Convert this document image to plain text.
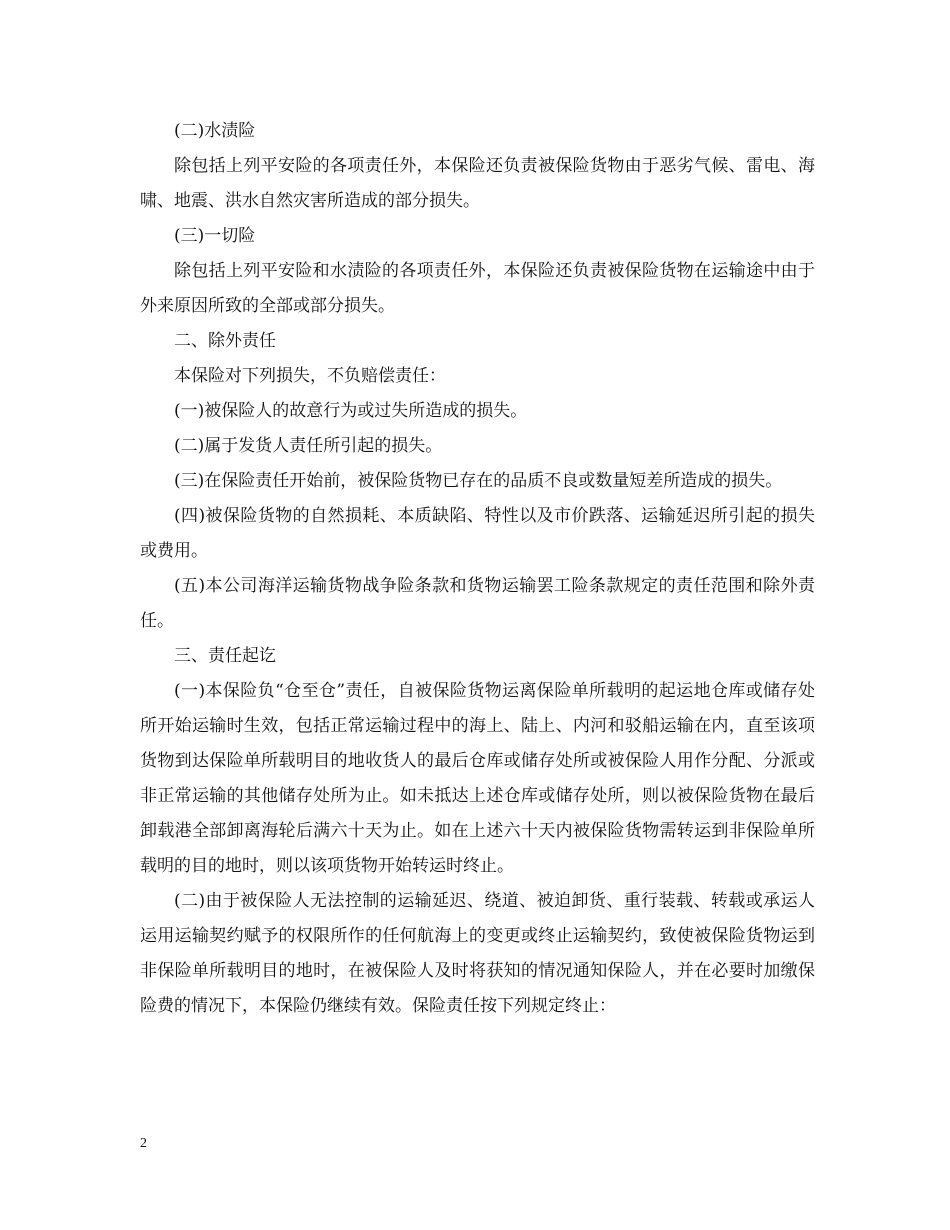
(二)水渍险

除包括上列平安险的各项责任外，本保险还负责被保险货物由于恶劣气候、雷电、海啸、地震、洪水自然灾害所造成的部分损失。

(三)一切险

除包括上列平安险和水渍险的各项责任外，本保险还负责被保险货物在运输途中由于外来原因所致的全部或部分损失。

二、除外责任

本保险对下列损失，不负赔偿责任：

(一)被保险人的故意行为或过失所造成的损失。

(二)属于发货人责任所引起的损失。

(三)在保险责任开始前，被保险货物已存在的品质不良或数量短差所造成的损失。

(四)被保险货物的自然损耗、本质缺陷、特性以及市价跌落、运输延迟所引起的损失或费用。

(五)本公司海洋运输货物战争险条款和货物运输罢工险条款规定的责任范围和除外责任。

三、责任起讫

(一)本保险负“仓至仓”责任，自被保险货物运离保险单所载明的起运地仓库或储存处所开始运输时生效，包括正常运输过程中的海上、陆上、内河和驳船运输在内，直至该项货物到达保险单所载明目的地收货人的最后仓库或储存处所或被保险人用作分配、分派或非正常运输的其他储存处所为止。如未抵达上述仓库或储存处所，则以被保险货物在最后卸载港全部卸离海轮后满六十天为止。如在上述六十天内被保险货物需转运到非保险单所载明的目的地时，则以该项货物开始转运时终止。

(二)由于被保险人无法控制的运输延迟、绕道、被迫卸货、重行装载、转载或承运人运用运输契约赋予的权限所作的任何航海上的变更或终止运输契约，致使被保险货物运到非保险单所载明目的地时，在被保险人及时将获知的情况通知保险人，并在必要时加缴保险费的情况下，本保险仍继续有效。保险责任按下列规定终止：

2
